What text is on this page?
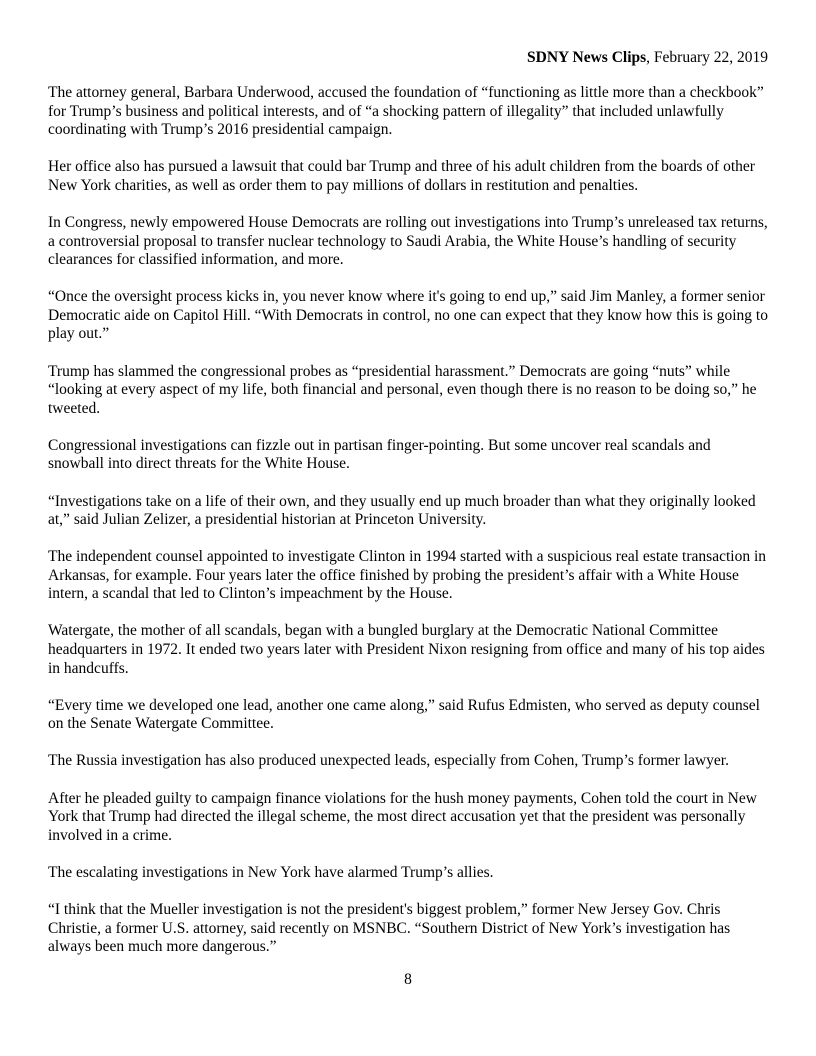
SDNY News Clips, February 22, 2019

The attorney general, Barbara Underwood, accused the foundation of “functioning as little more than a checkbook” for Trump’s business and political interests, and of “a shocking pattern of illegality” that included unlawfully coordinating with Trump’s 2016 presidential campaign.

Her office also has pursued a lawsuit that could bar Trump and three of his adult children from the boards of other New York charities, as well as order them to pay millions of dollars in restitution and penalties.

In Congress, newly empowered House Democrats are rolling out investigations into Trump’s unreleased tax returns, a controversial proposal to transfer nuclear technology to Saudi Arabia, the White House’s handling of security clearances for classified information, and more.

“Once the oversight process kicks in, you never know where it's going to end up,” said Jim Manley, a former senior Democratic aide on Capitol Hill. “With Democrats in control, no one can expect that they know how this is going to play out.”

Trump has slammed the congressional probes as “presidential harassment.” Democrats are going “nuts” while “looking at every aspect of my life, both financial and personal, even though there is no reason to be doing so,” he tweeted.

Congressional investigations can fizzle out in partisan finger-pointing. But some uncover real scandals and snowball into direct threats for the White House.

“Investigations take on a life of their own, and they usually end up much broader than what they originally looked at,” said Julian Zelizer, a presidential historian at Princeton University.

The independent counsel appointed to investigate Clinton in 1994 started with a suspicious real estate transaction in Arkansas, for example. Four years later the office finished by probing the president’s affair with a White House intern, a scandal that led to Clinton’s impeachment by the House.

Watergate, the mother of all scandals, began with a bungled burglary at the Democratic National Committee headquarters in 1972. It ended two years later with President Nixon resigning from office and many of his top aides in handcuffs.

“Every time we developed one lead, another one came along,” said Rufus Edmisten, who served as deputy counsel on the Senate Watergate Committee.

The Russia investigation has also produced unexpected leads, especially from Cohen, Trump’s former lawyer.

After he pleaded guilty to campaign finance violations for the hush money payments, Cohen told the court in New York that Trump had directed the illegal scheme, the most direct accusation yet that the president was personally involved in a crime.

The escalating investigations in New York have alarmed Trump’s allies.

“I think that the Mueller investigation is not the president's biggest problem,” former New Jersey Gov. Chris Christie, a former U.S. attorney, said recently on MSNBC. “Southern District of New York’s investigation has always been much more dangerous.”

8
